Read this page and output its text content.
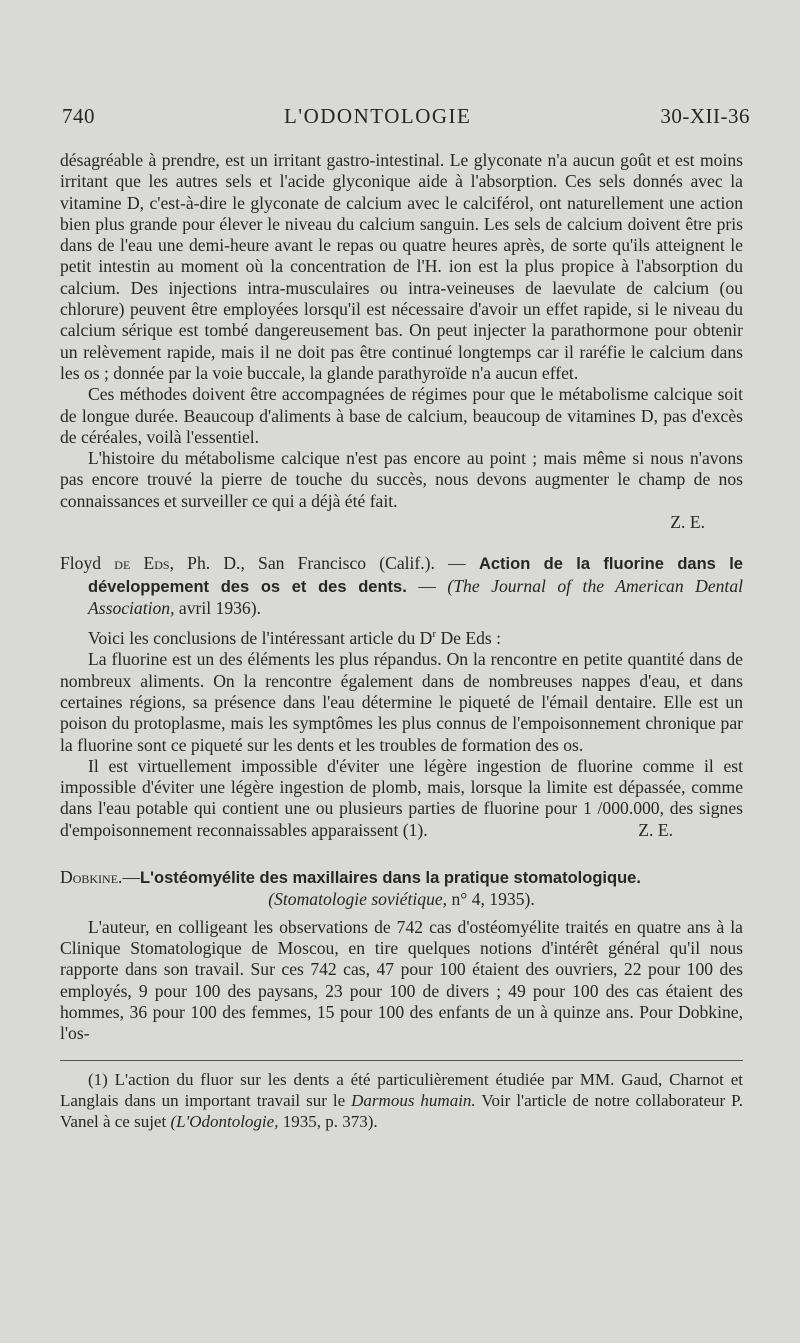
740	L'ODONTOLOGIE	30-XII-36

désagréable à prendre, est un irritant gastro-intestinal. Le glyconate n'a aucun goût et est moins irritant que les autres sels et l'acide glyconique aide à l'absorption. Ces sels donnés avec la vitamine D, c'est-à-dire le glyconate de calcium avec le calciférol, ont naturellement une action bien plus grande pour élever le niveau du calcium sanguin. Les sels de calcium doivent être pris dans de l'eau une demi-heure avant le repas ou quatre heures après, de sorte qu'ils atteignent le petit intestin au moment où la concentration de l'H. ion est la plus propice à l'absorption du calcium. Des injections intra-musculaires ou intra-veineuses de laevulate de calcium (ou chlorure) peuvent être employées lorsqu'il est nécessaire d'avoir un effet rapide, si le niveau du calcium sérique est tombé dangereusement bas. On peut injecter la parathormone pour obtenir un relèvement rapide, mais il ne doit pas être continué longtemps car il raréfie le calcium dans les os ; donnée par la voie buccale, la glande parathyroïde n'a aucun effet.

Ces méthodes doivent être accompagnées de régimes pour que le métabolisme calcique soit de longue durée. Beaucoup d'aliments à base de calcium, beaucoup de vitamines D, pas d'excès de céréales, voilà l'essentiel.

L'histoire du métabolisme calcique n'est pas encore au point ; mais même si nous n'avons pas encore trouvé la pierre de touche du succès, nous devons augmenter le champ de nos connaissances et surveiller ce qui a déjà été fait.

Z. E.

Floyd de Eds, Ph. D., San Francisco (Calif.). — Action de la fluorine dans le développement des os et des dents. — (The Journal of the American Dental Association, avril 1936).

Voici les conclusions de l'intéressant article du $D^r$ De Eds :

La fluorine est un des éléments les plus répandus. On la rencontre en petite quantité dans de nombreux aliments. On la rencontre également dans de nombreuses nappes d'eau, et dans certaines régions, sa présence dans l'eau détermine le piqueté de l'émail dentaire. Elle est un poison du protoplasme, mais les symptômes les plus connus de l'empoisonnement chronique par la fluorine sont ce piqueté sur les dents et les troubles de formation des os.

Il est virtuellement impossible d'éviter une légère ingestion de fluorine comme il est impossible d'éviter une légère ingestion de plomb, mais, lorsque la limite est dépassée, comme dans l'eau potable qui contient une ou plusieurs parties de fluorine pour 1 /000.000, des signes d'empoisonnement reconnaissables apparaissent (1).	Z. E.

Dobkine.—L'ostéomyélite des maxillaires dans la pratique stomatologique.

(Stomatologie soviétique, n° 4, 1935).

L'auteur, en colligeant les observations de 742 cas d'ostéomyélite traités en quatre ans à la Clinique Stomatologique de Moscou, en tire quelques notions d'intérêt général qu'il nous rapporte dans son travail. Sur ces 742 cas, 47 pour 100 étaient des ouvriers, 22 pour 100 des employés, 9 pour 100 des paysans, 23 pour 100 de divers ; 49 pour 100 des cas étaient des hommes, 36 pour 100 des femmes, 15 pour 100 des enfants de un à quinze ans. Pour Dobkine, l'os-

(1) L'action du fluor sur les dents a été particulièrement étudiée par MM. Gaud, Charnot et Langlais dans un important travail sur le Darmous humain. Voir l'article de notre collaborateur P. Vanel à ce sujet (L'Odontologie, 1935, p. 373).
